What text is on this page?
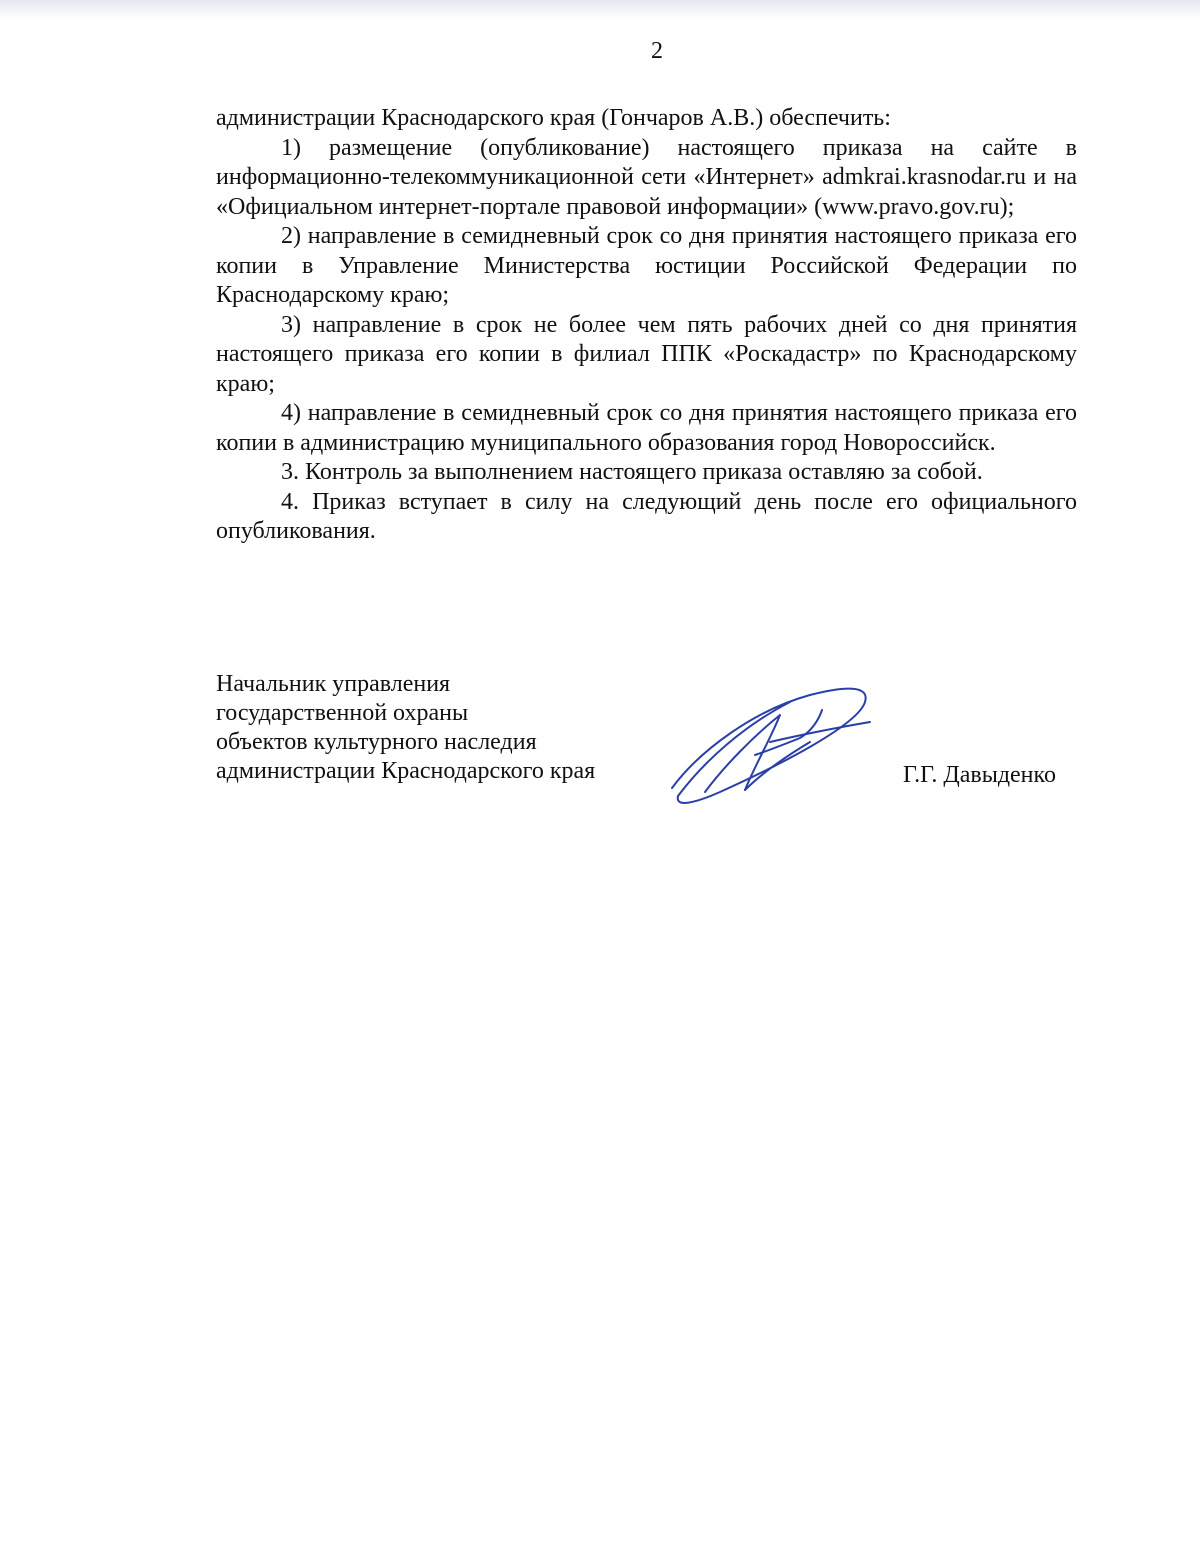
2

администрации Краснодарского края (Гончаров А.В.) обеспечить:

1) размещение (опубликование) настоящего приказа на сайте в информационно-телекоммуникационной сети «Интернет» admkrai.krasnodar.ru и на «Официальном интернет-портале правовой информации» (www.pravo.gov.ru);

2) направление в семидневный срок со дня принятия настоящего приказа его копии в Управление Министерства юстиции Российской Федерации по Краснодарскому краю;

3) направление в срок не более чем пять рабочих дней со дня принятия настоящего приказа его копии в филиал ППК «Роскадастр» по Краснодарскому краю;

4) направление в семидневный срок со дня принятия настоящего приказа его копии в администрацию муниципального образования город Новороссийск.

3. Контроль за выполнением настоящего приказа оставляю за собой.

4. Приказ вступает в силу на следующий день после его официального опубликования.

Начальник управления
государственной охраны
объектов культурного наследия
администрации Краснодарского края	Г.Г. Давыденко
